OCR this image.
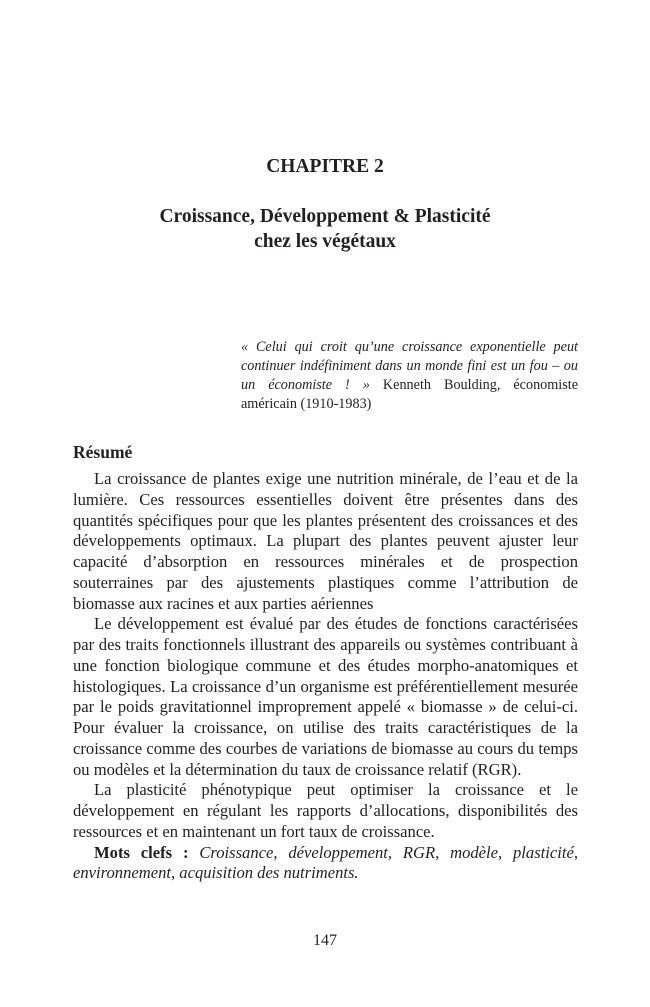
CHAPITRE 2
Croissance, Développement & Plasticité
chez les végétaux
« Celui qui croit qu’une croissance exponentielle peut continuer indéfiniment dans un monde fini est un fou – ou un économiste ! » Kenneth Boulding, économiste américain (1910-1983)
Résumé

La croissance de plantes exige une nutrition minérale, de l’eau et de la lumière. Ces ressources essentielles doivent être présentes dans des quantités spécifiques pour que les plantes présentent des croissances et des développements optimaux. La plupart des plantes peuvent ajuster leur capacité d’absorption en ressources minérales et de prospection souterraines par des ajustements plastiques comme l’attribution de biomasse aux racines et aux parties aériennes

Le développement est évalué par des études de fonctions caractérisées par des traits fonctionnels illustrant des appareils ou systèmes contribuant à une fonction biologique commune et des études morpho-anatomiques et histologiques. La croissance d’un organisme est préférentiellement mesurée par le poids gravitationnel improprement appelé « biomasse » de celui-ci. Pour évaluer la croissance, on utilise des traits caractéristiques de la croissance comme des courbes de variations de biomasse au cours du temps ou modèles et la détermination du taux de croissance relatif (RGR).

La plasticité phénotypique peut optimiser la croissance et le développement en régulant les rapports d’allocations, disponibilités des ressources et en maintenant un fort taux de croissance.

Mots clefs : Croissance, développement, RGR, modèle, plasticité, environnement, acquisition des nutriments.

147
